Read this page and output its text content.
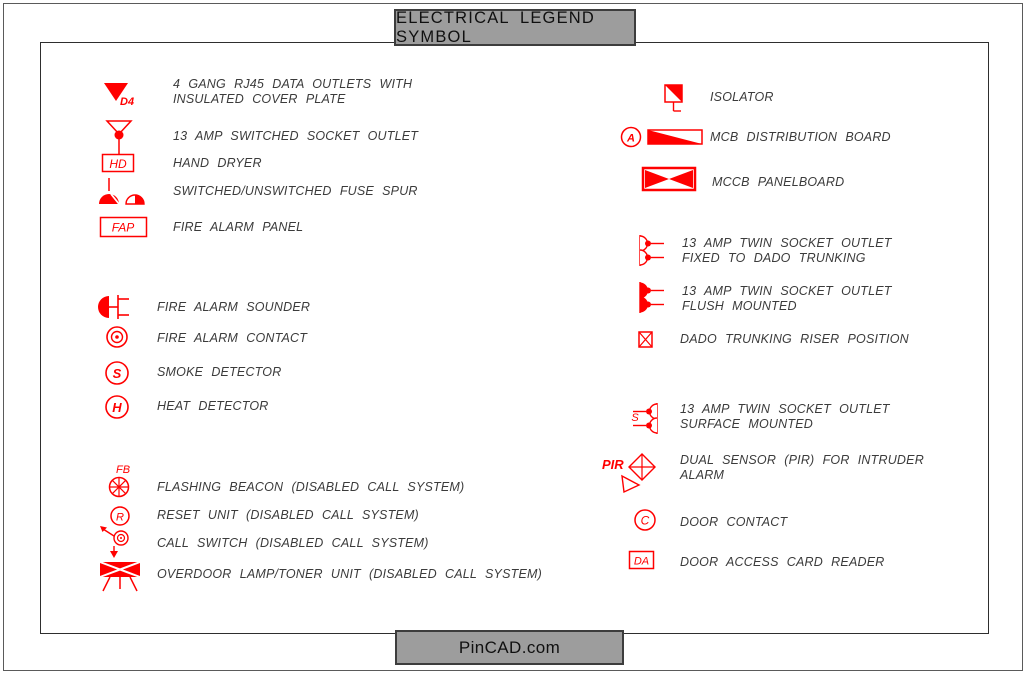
ELECTRICAL LEGEND SYMBOL
PinCAD.com
D4
4 GANG RJ45 DATA OUTLETS WITH
INSULATED COVER PLATE
13 AMP SWITCHED SOCKET OUTLET
HD	HAND DRYER
SWITCHED/UNSWITCHED FUSE SPUR
FAP	FIRE ALARM PANEL
FIRE ALARM SOUNDER
FIRE ALARM CONTACT
S	SMOKE DETECTOR
H	HEAT DETECTOR
FB
FLASHING BEACON (DISABLED CALL SYSTEM)
R	RESET UNIT (DISABLED CALL SYSTEM)
CALL SWITCH (DISABLED CALL SYSTEM)
OVERDOOR LAMP/TONER UNIT (DISABLED CALL SYSTEM)
ISOLATOR
A	MCB DISTRIBUTION BOARD
MCCB PANELBOARD
13 AMP TWIN SOCKET OUTLET
FIXED TO DADO TRUNKING
13 AMP TWIN SOCKET OUTLET
FLUSH MOUNTED
DADO TRUNKING RISER POSITION
S
13 AMP TWIN SOCKET OUTLET
SURFACE MOUNTED
PIR	DUAL SENSOR (PIR) FOR INTRUDER
ALARM
C DOOR CONTACT
DA DOOR ACCESS CARD READER
